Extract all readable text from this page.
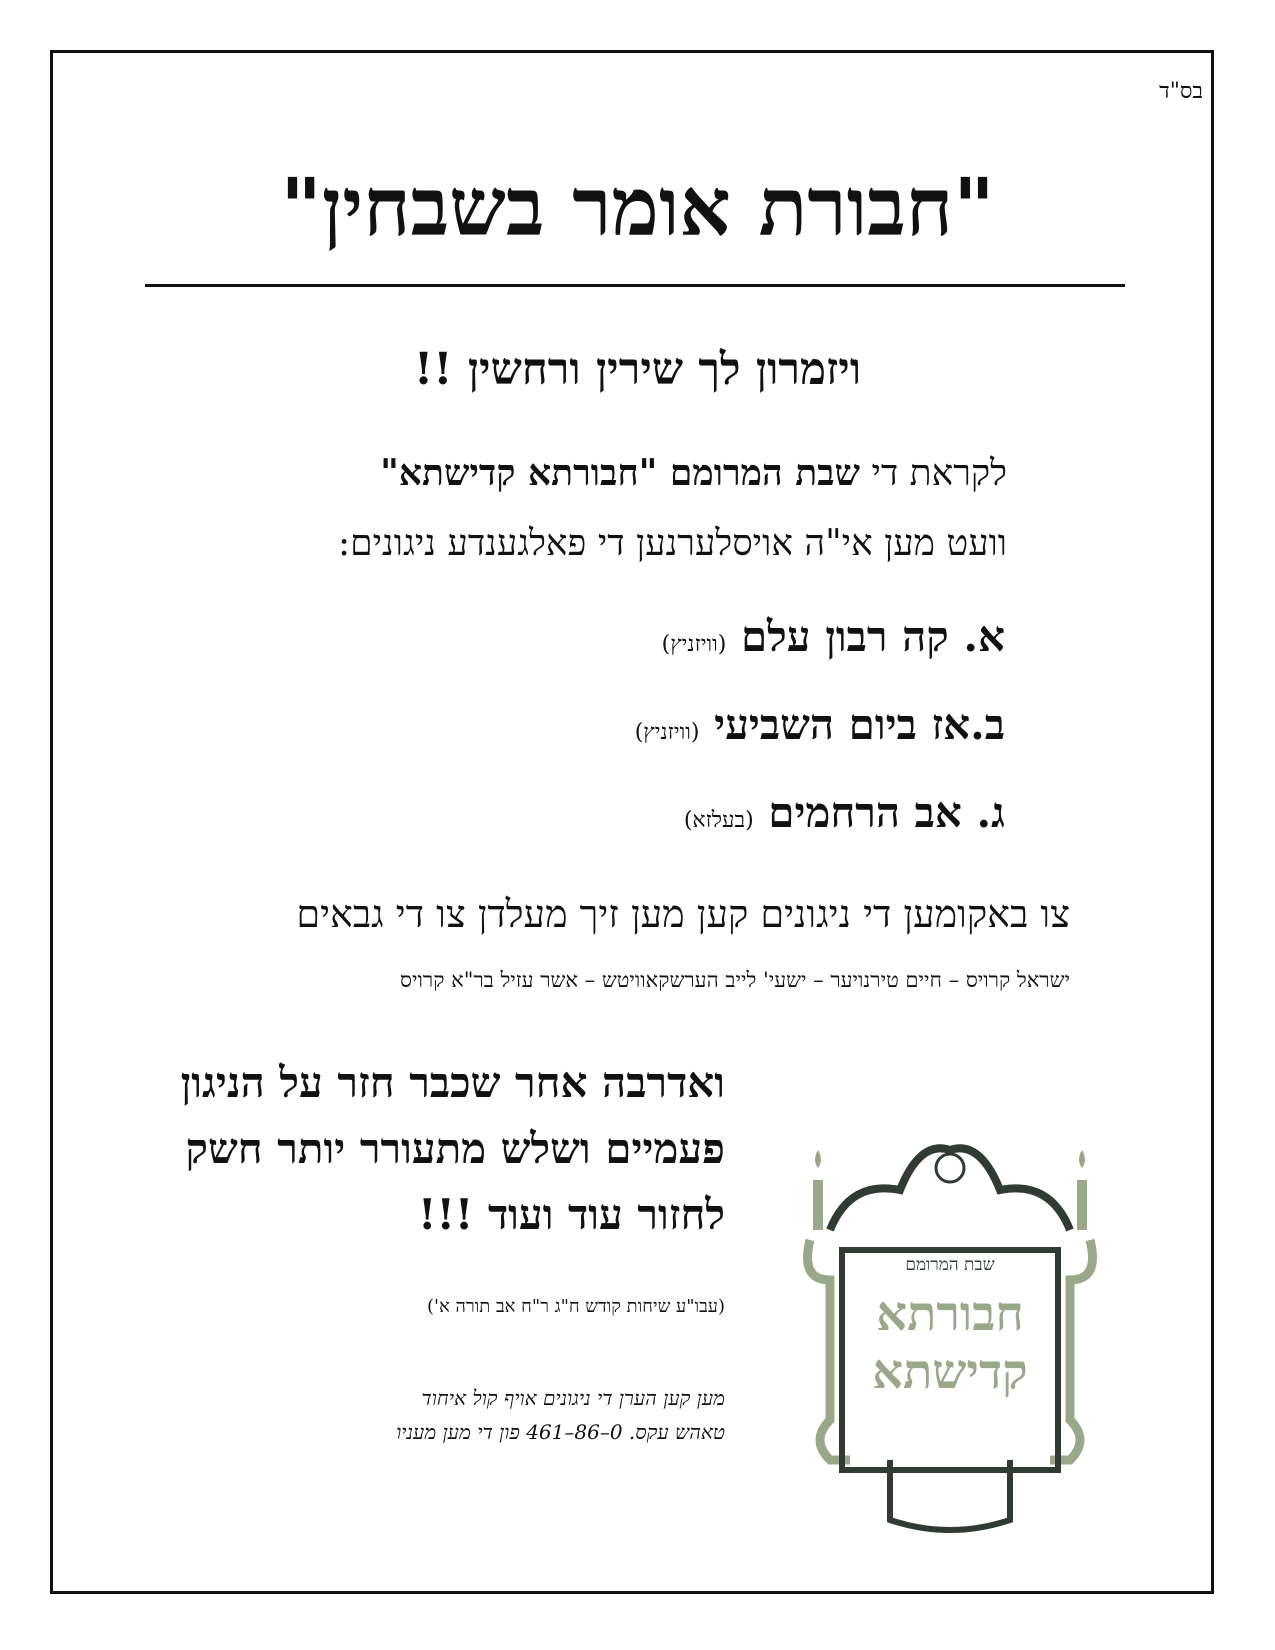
בס"ד
"חבורת אומר בשבחין"
ויזמרון לך שירין ורחשין !!
לקראת די שבת המרומם "חבורתא קדישתא"
וועט מען אי"ה אויסלערנען די פאלגענדע ניגונים:
א. קה רבון עלם (וויזניץ)
ב.אז ביום השביעי (וויזניץ)
ג. אב הרחמים (בעלזא)
צו באקומען די ניגונים קען מען זיך מעלדן צו די גבאים
ישראל קרויס – חיים טירנויער – ישעי' לייב הערשקאוויטש – אשר עזיל בר"א קרויס
ואדרבה אחר שכבר חזר על הניגון
פעמיים ושלש מתעורר יותר חשק
לחזור עוד ועוד !!!
(עבו"ע שיחות קודש ח"ג ר"ח אב תורה א')
מען קען הערן די ניגונים אויף קול איחוד
טאהש עקס. 0–86–461 פון די מען מעניו
שבת המרומם
חבורתא
קדישתא
